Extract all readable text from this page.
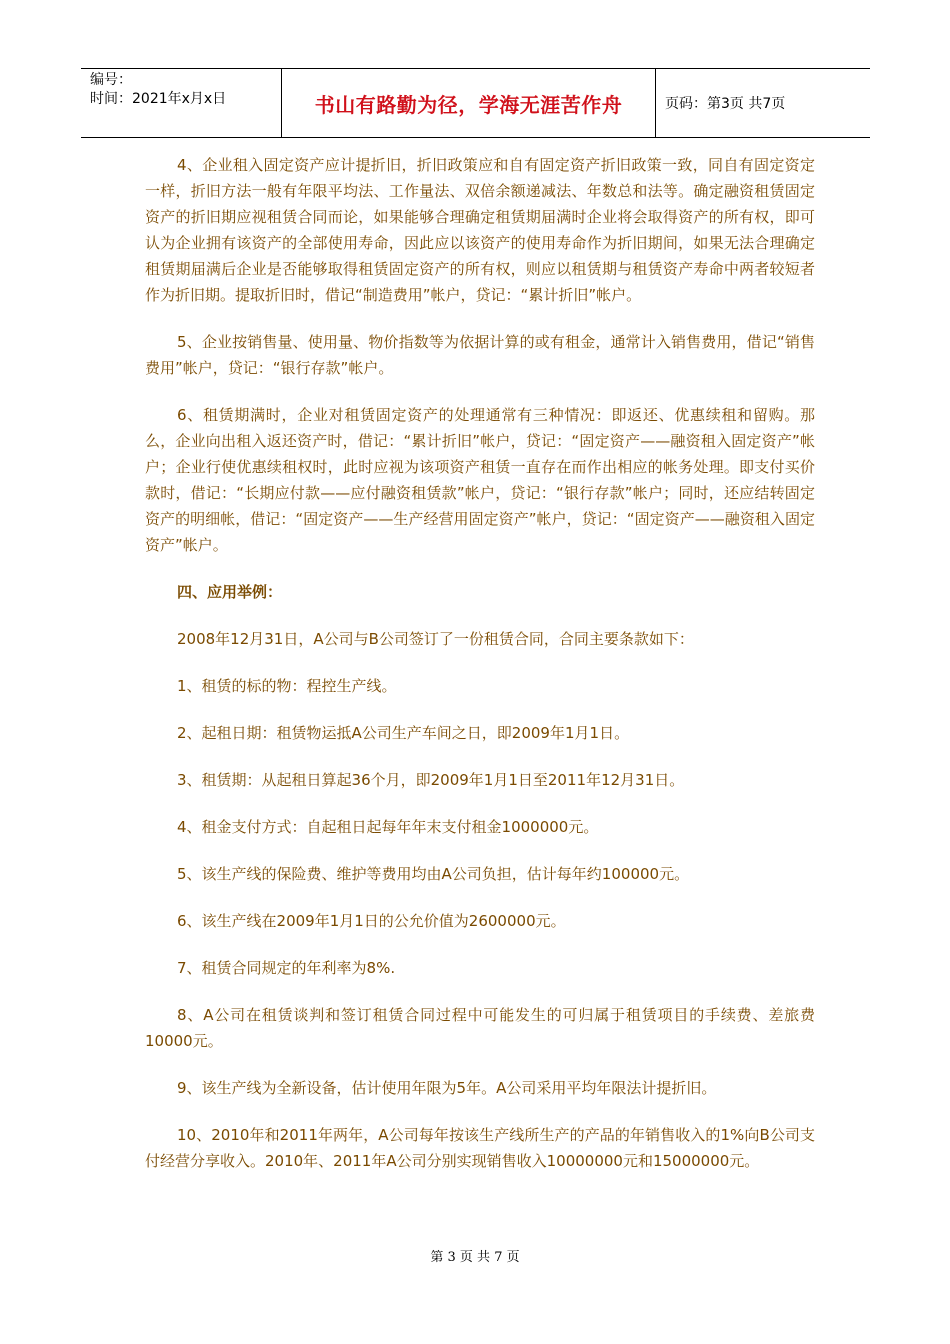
编号：
时间：2021年x月x日	书山有路勤为径，学海无涯苦作舟	页码：第3页 共7页

4、企业租入固定资产应计提折旧，折旧政策应和自有固定资产折旧政策一致，同自有固定资定一样，折旧方法一般有年限平均法、工作量法、双倍余额递减法、年数总和法等。确定融资租赁固定资产的折旧期应视租赁合同而论，如果能够合理确定租赁期届满时企业将会取得资产的所有权，即可认为企业拥有该资产的全部使用寿命，因此应以该资产的使用寿命作为折旧期间，如果无法合理确定租赁期届满后企业是否能够取得租赁固定资产的所有权，则应以租赁期与租赁资产寿命中两者较短者作为折旧期。提取折旧时，借记“制造费用”帐户，贷记：“累计折旧”帐户。

5、企业按销售量、使用量、物价指数等为依据计算的或有租金，通常计入销售费用，借记“销售费用”帐户，贷记：“银行存款”帐户。

6、租赁期满时，企业对租赁固定资产的处理通常有三种情况：即返还、优惠续租和留购。那么，企业向出租入返还资产时，借记：“累计折旧”帐户，贷记：“固定资产——融资租入固定资产”帐户；企业行使优惠续租权时，此时应视为该项资产租赁一直存在而作出相应的帐务处理。即支付买价款时，借记：“长期应付款——应付融资租赁款”帐户，贷记：“银行存款”帐户；同时，还应结转固定资产的明细帐，借记：“固定资产——生产经营用固定资产”帐户，贷记：“固定资产——融资租入固定资产”帐户。

四、应用举例：

2008年12月31日，A公司与B公司签订了一份租赁合同，合同主要条款如下：

1、租赁的标的物：程控生产线。

2、起租日期：租赁物运抵A公司生产车间之日，即2009年1月1日。

3、租赁期：从起租日算起36个月，即2009年1月1日至2011年12月31日。

4、租金支付方式：自起租日起每年年末支付租金1000000元。

5、该生产线的保险费、维护等费用均由A公司负担，估计每年约100000元。

6、该生产线在2009年1月1日的公允价值为2600000元。

7、租赁合同规定的年利率为8%.

8、A公司在租赁谈判和签订租赁合同过程中可能发生的可归属于租赁项目的手续费、差旅费10000元。

9、该生产线为全新设备，估计使用年限为5年。A公司采用平均年限法计提折旧。

10、2010年和2011年两年，A公司每年按该生产线所生产的产品的年销售收入的1%向B公司支付经营分享收入。2010年、2011年A公司分别实现销售收入10000000元和15000000元。

第 3 页 共 7 页
